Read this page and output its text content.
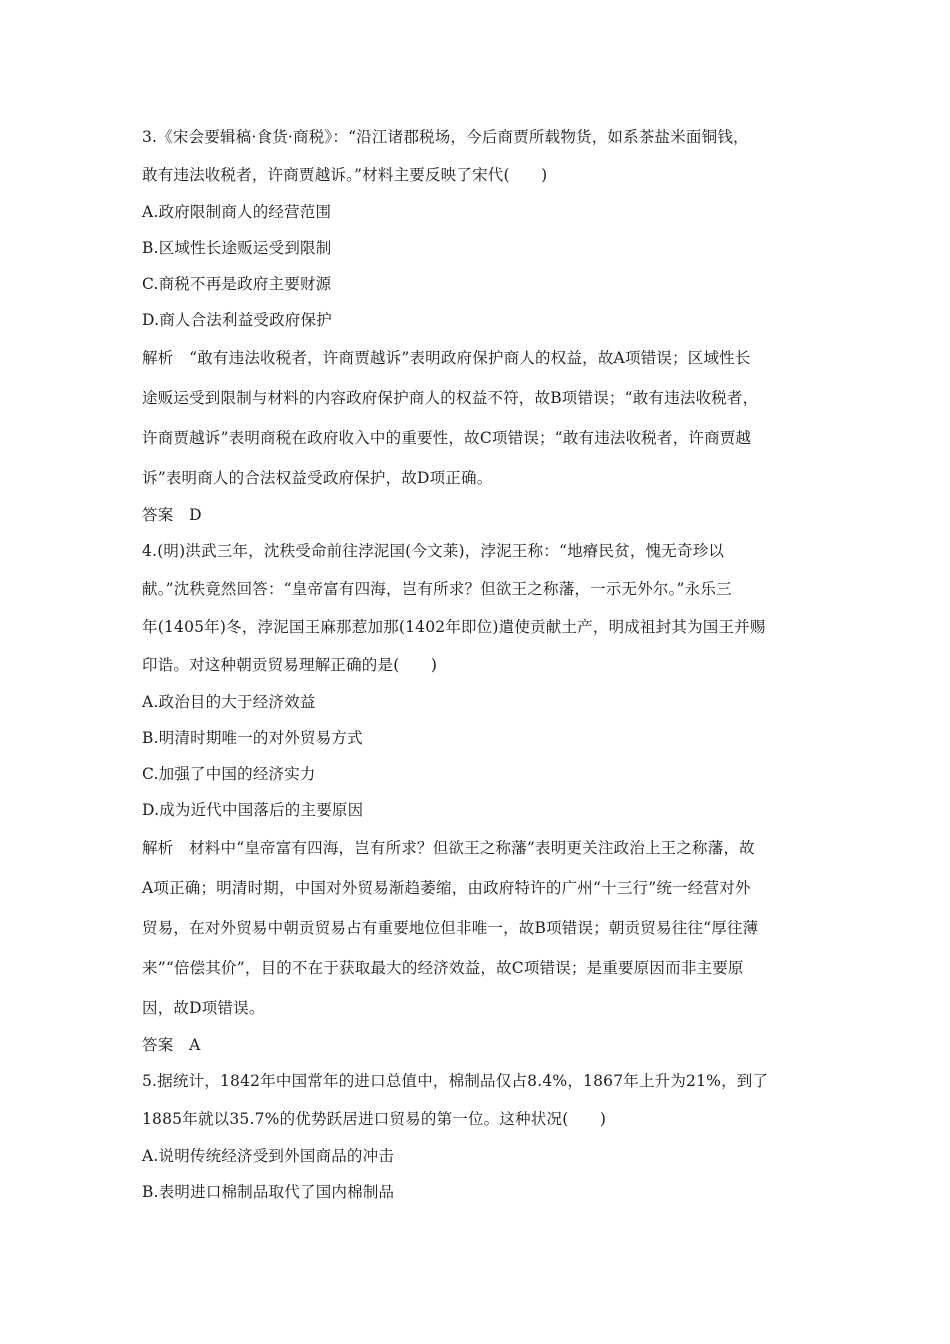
3.《宋会要辑稿·食货·商税》：“沿江诸郡税场，今后商贾所载物货，如系茶盐米面铜钱，
敢有违法收税者，许商贾越诉。”材料主要反映了宋代(　　)
A.政府限制商人的经营范围
B.区域性长途贩运受到限制
C.商税不再是政府主要财源
D.商人合法利益受政府保护
解析　“敢有违法收税者，许商贾越诉”表明政府保护商人的权益，故A项错误；区域性长
途贩运受到限制与材料的内容政府保护商人的权益不符，故B项错误；“敢有违法收税者，
许商贾越诉”表明商税在政府收入中的重要性，故C项错误；“敢有违法收税者，许商贾越
诉”表明商人的合法权益受政府保护，故D项正确。
答案　D
4.(明)洪武三年，沈秩受命前往浡泥国(今文莱)，浡泥王称：“地瘠民贫，愧无奇珍以
献。”沈秩竟然回答：“皇帝富有四海，岂有所求？但欲王之称藩，一示无外尔。”永乐三
年(1405年)冬，浡泥国王麻那惹加那(1402年即位)遣使贡献土产，明成祖封其为国王并赐
印诰。对这种朝贡贸易理解正确的是(　　)
A.政治目的大于经济效益
B.明清时期唯一的对外贸易方式
C.加强了中国的经济实力
D.成为近代中国落后的主要原因
解析　材料中“皇帝富有四海，岂有所求？但欲王之称藩”表明更关注政治上王之称藩，故
A项正确；明清时期，中国对外贸易渐趋萎缩，由政府特许的广州“十三行”统一经营对外
贸易，在对外贸易中朝贡贸易占有重要地位但非唯一，故B项错误；朝贡贸易往往“厚往薄
来”“倍偿其价”，目的不在于获取最大的经济效益，故C项错误；是重要原因而非主要原
因，故D项错误。
答案　A
5.据统计，1842年中国常年的进口总值中，棉制品仅占8.4%，1867年上升为21%，到了
1885年就以35.7%的优势跃居进口贸易的第一位。这种状况(　　)
A.说明传统经济受到外国商品的冲击
B.表明进口棉制品取代了国内棉制品
